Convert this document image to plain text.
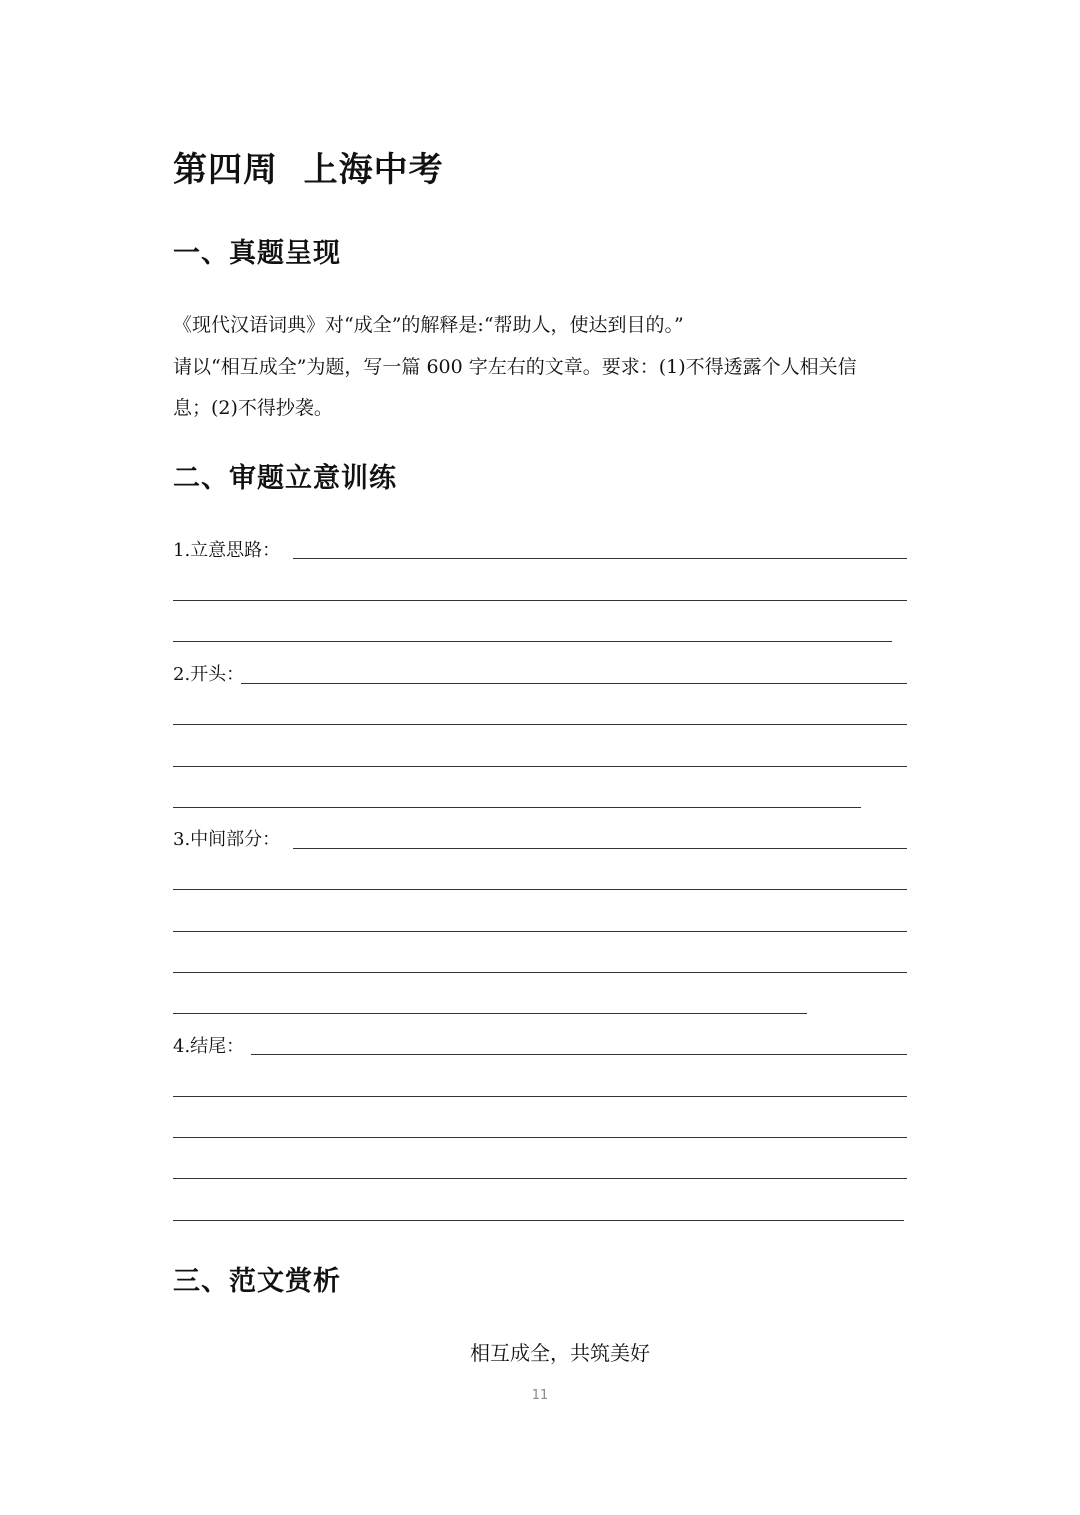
第四周  上海中考
一、真题呈现
《现代汉语词典》对“成全”的解释是:“帮助人，使达到目的。”
请以“相互成全”为题，写一篇 600 字左右的文章。要求：(1)不得透露个人相关信
息；(2)不得抄袭。
二、审题立意训练
1.立意思路：
2.开头：
3.中间部分：
4.结尾：
三、范文赏析
相互成全，共筑美好
11
